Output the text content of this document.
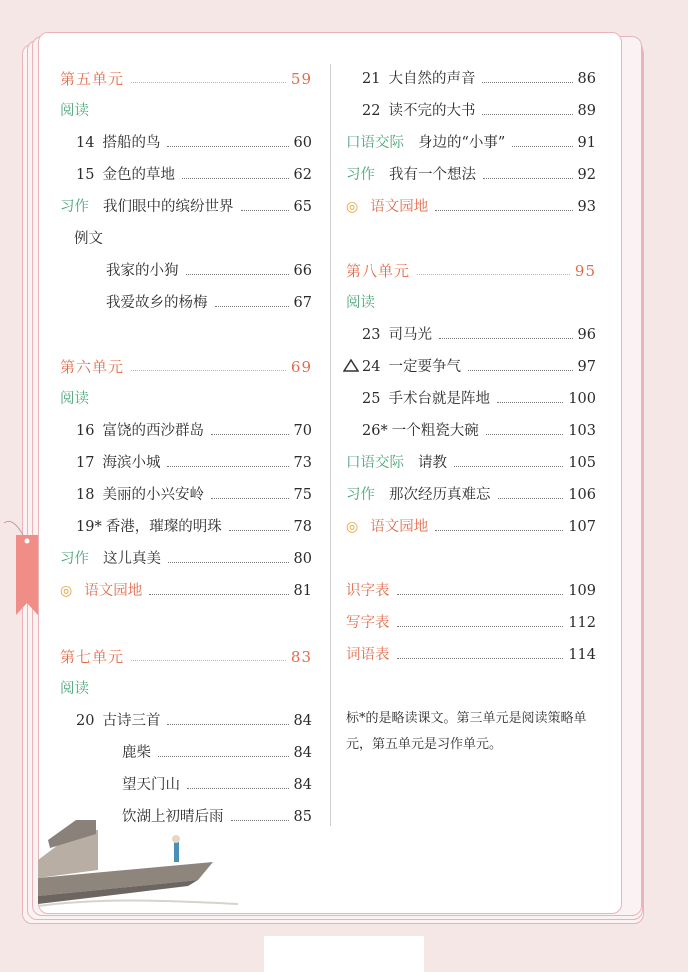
第五单元	59
阅读
14 搭船的鸟	60
15 金色的草地	62
习作 我们眼中的缤纷世界	65
例文
我家的小狗	66
我爱故乡的杨梅	67
第六单元	69
阅读
16 富饶的西沙群岛	70
17 海滨小城	73
18 美丽的小兴安岭	75
19* 香港，璀璨的明珠	78
习作 这儿真美	80
◎ 语文园地	81
第七单元	83
阅读
20 古诗三首	84
鹿柴	84
望天门山	84
饮湖上初晴后雨	85
21 大自然的声音	86
22 读不完的大书	89
口语交际 身边的“小事”	91
习作 我有一个想法	92
◎ 语文园地	93
第八单元	95
阅读
23 司马光	96
24 一定要争气	97
25 手术台就是阵地	100
26* 一个粗瓷大碗	103
口语交际 请教	105
习作 那次经历真难忘	106
◎ 语文园地	107
识字表	109
写字表	112
词语表	114
标*的是略读课文。第三单元是阅读策略单元，第五单元是习作单元。
